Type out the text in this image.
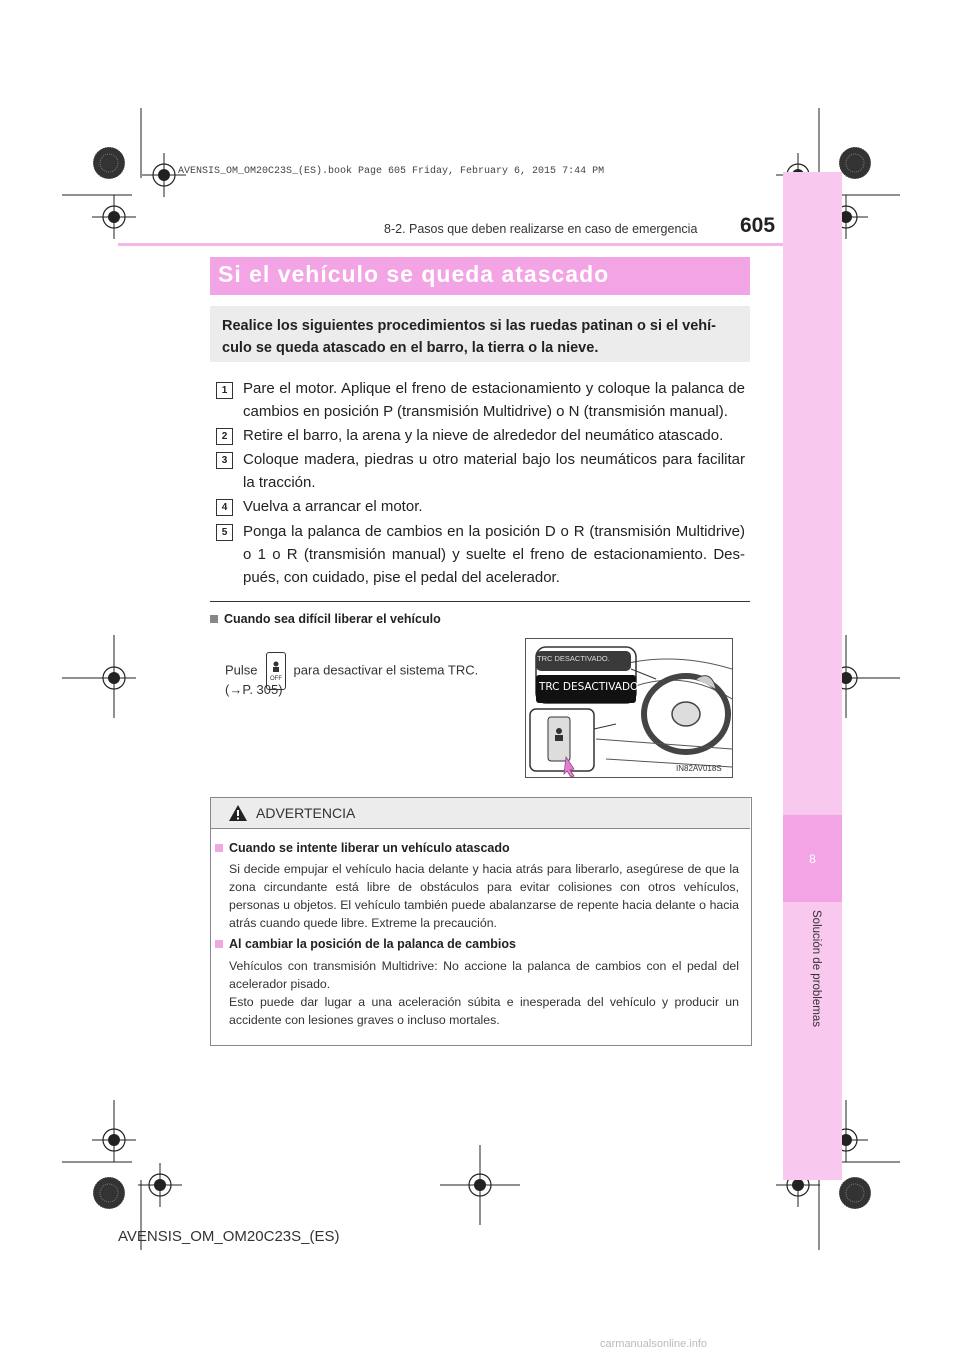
AVENSIS_OM_OM20C23S_(ES).book Page 605 Friday, February 6, 2015 7:44 PM
8
Solución de problemas
8-2. Pasos que deben realizarse en caso de emergencia 605
Si el vehículo se queda atascado
Realice los siguientes procedimientos si las ruedas patinan o si el vehí- culo se queda atascado en el barro, la tierra o la nieve.
1	Pare el motor. Aplique el freno de estacionamiento y coloque la palanca de cambios en posición P (transmisión Multidrive) o N (transmisión manual).
2	Retire el barro, la arena y la nieve de alrededor del neumático atascado.
3	Coloque madera, piedras u otro material bajo los neumáticos para facilitar la tracción.
4	Vuelva a arrancar el motor.
5	Ponga la palanca de cambios en la posición D o R (transmisión Multidrive) o 1 o R (transmisión manual) y suelte el freno de estacionamiento. Des- pués, con cuidado, pise el pedal del acelerador.
Cuando sea difícil liberar el vehículo
Pulse
OFF
para desactivar el sistema TRC.
(→P. 305)
TRC DESACTIVADO.
TRC DESACTIVADO
IN82AV018S
ADVERTENCIA
Cuando se intente liberar un vehículo atascado
Si decide empujar el vehículo hacia delante y hacia atrás para liberarlo, asegúrese de que la zona circundante está libre de obstáculos para evitar colisiones con otros vehículos, personas u objetos. El vehículo también puede abalanzarse de repente hacia delante o hacia atrás cuando quede libre. Extreme la precaución.
Al cambiar la posición de la palanca de cambios
Vehículos con transmisión Multidrive: No accione la palanca de cambios con el pedal del acelerador pisado.
Esto puede dar lugar a una aceleración súbita e inesperada del vehículo y producir un accidente con lesiones graves o incluso mortales.
AVENSIS_OM_OM20C23S_(ES)
carmanualsonline.info
